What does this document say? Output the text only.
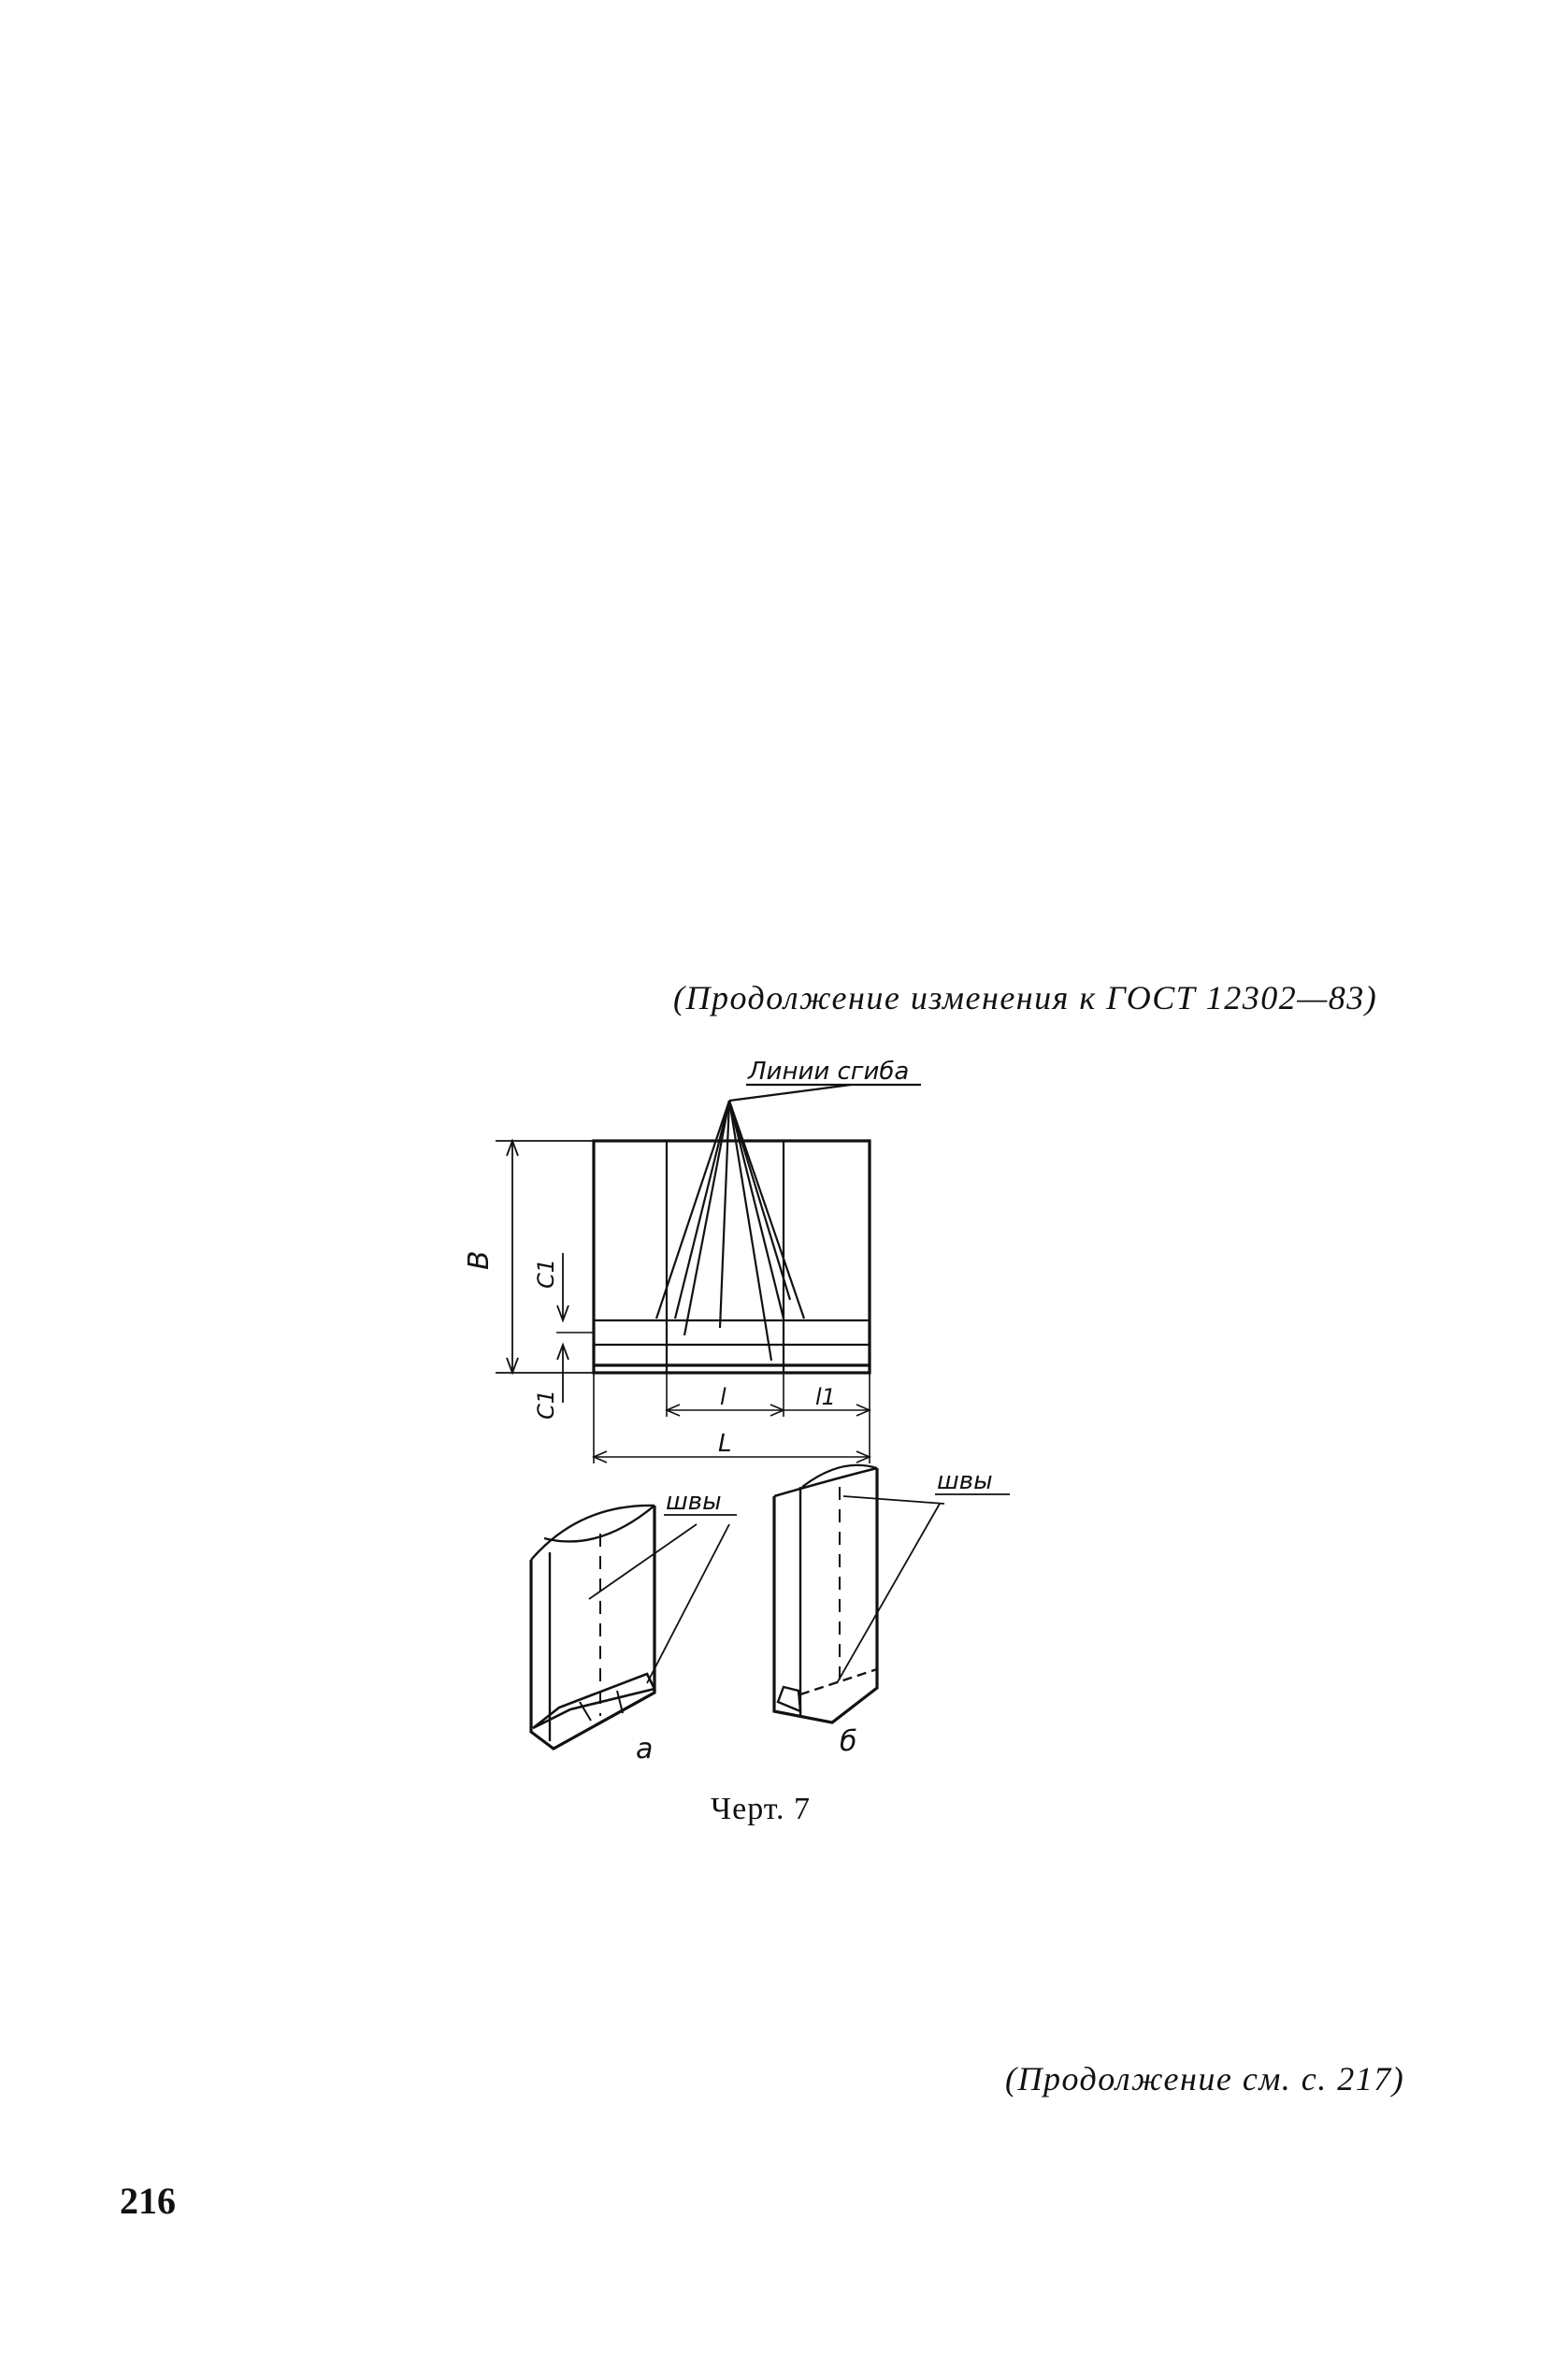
(Продолжение изменения к ГОСТ 12302—83)
Линии сгиба
B C1
C1	l	l1
L
швы
швы
а	б
Черт. 7
(Продолжение см. с. 217)
216
